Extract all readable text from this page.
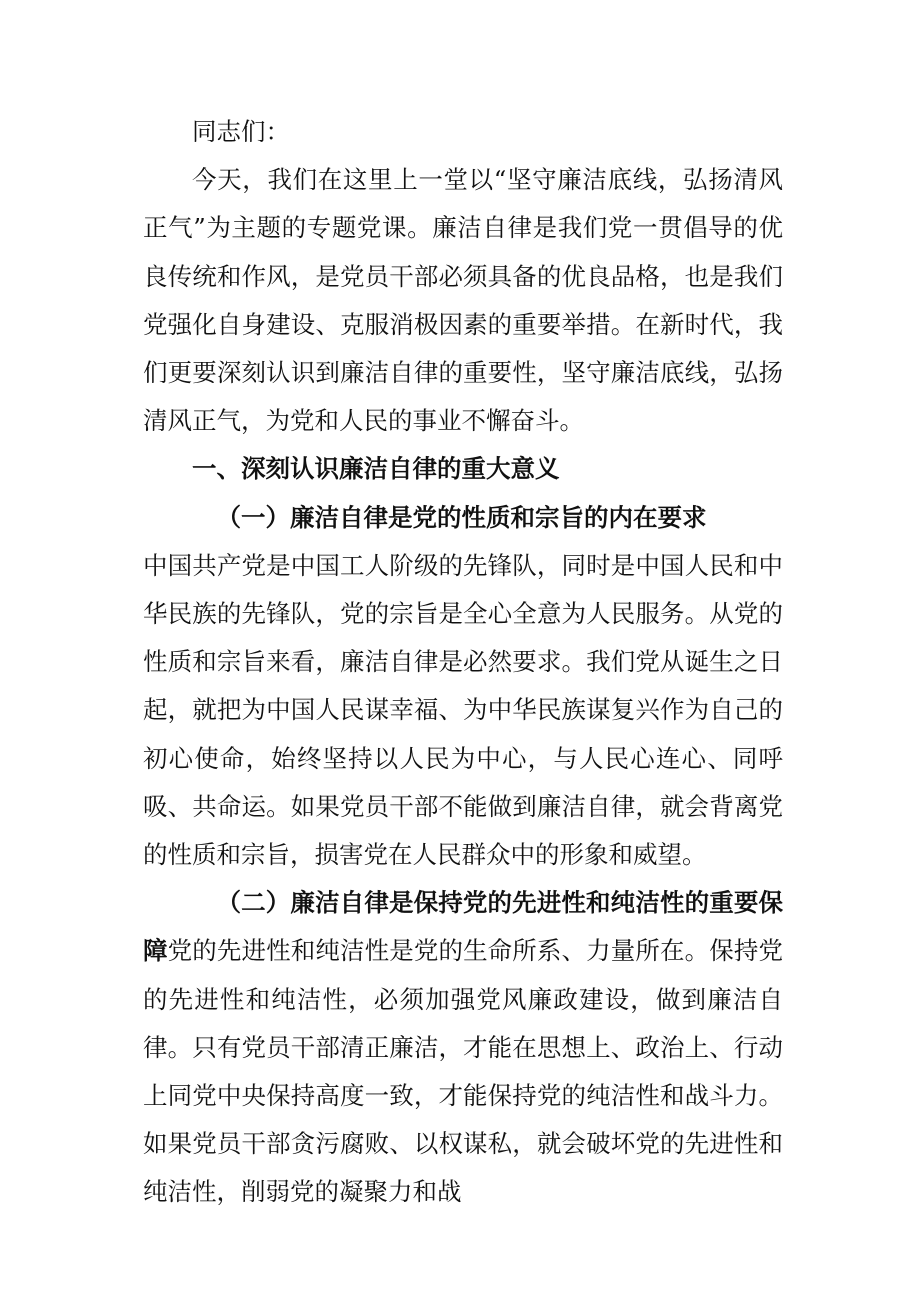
同志们：

今天，我们在这里上一堂以“坚守廉洁底线，弘扬清风正气”为主题的专题党课。廉洁自律是我们党一贯倡导的优良传统和作风，是党员干部必须具备的优良品格，也是我们党强化自身建设、克服消极因素的重要举措。在新时代，我们更要深刻认识到廉洁自律的重要性，坚守廉洁底线，弘扬清风正气，为党和人民的事业不懈奋斗。

一、深刻认识廉洁自律的重大意义

（一）廉洁自律是党的性质和宗旨的内在要求

中国共产党是中国工人阶级的先锋队，同时是中国人民和中华民族的先锋队，党的宗旨是全心全意为人民服务。从党的性质和宗旨来看，廉洁自律是必然要求。我们党从诞生之日起，就把为中国人民谋幸福、为中华民族谋复兴作为自己的初心使命，始终坚持以人民为中心，与人民心连心、同呼吸、共命运。如果党员干部不能做到廉洁自律，就会背离党的性质和宗旨，损害党在人民群众中的形象和威望。

（二）廉洁自律是保持党的先进性和纯洁性的重要保障党的先进性和纯洁性是党的生命所系、力量所在。保持党的先进性和纯洁性，必须加强党风廉政建设，做到廉洁自律。只有党员干部清正廉洁，才能在思想上、政治上、行动上同党中央保持高度一致，才能保持党的纯洁性和战斗力。如果党员干部贪污腐败、以权谋私，就会破坏党的先进性和纯洁性，削弱党的凝聚力和战
